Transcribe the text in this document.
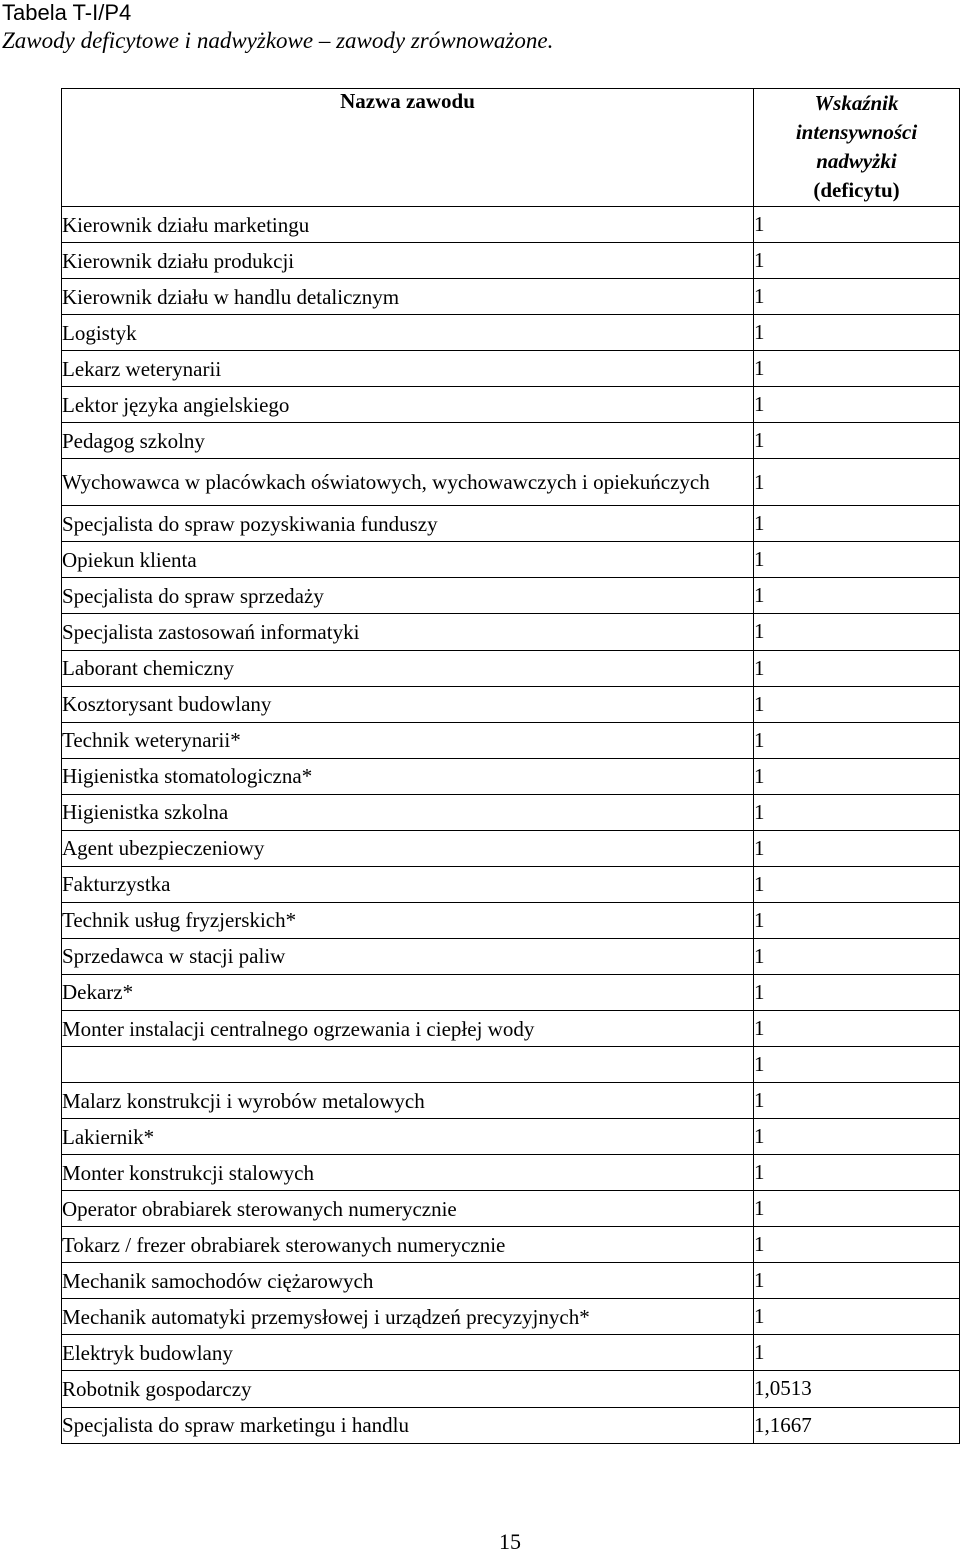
Tabela T-I/P4
Zawody deficytowe i nadwyżkowe – zawody zrównoważone.
Nazwa zawodu	Wskaźnik
intensywności
nadwyżki
(deficytu)

Kierownik działu marketingu	1
Kierownik działu produkcji	1
Kierownik działu w handlu detalicznym	1
Logistyk	1
Lekarz weterynarii	1
Lektor języka angielskiego	1
Pedagog szkolny	1
Wychowawca w placówkach oświatowych, wychowawczych i opiekuńczych	1
Specjalista do spraw pozyskiwania funduszy	1
Opiekun klienta	1
Specjalista do spraw sprzedaży	1
Specjalista zastosowań informatyki	1
Laborant chemiczny	1
Kosztorysant budowlany	1
Technik weterynarii*	1
Higienistka stomatologiczna*	1
Higienistka szkolna	1
Agent ubezpieczeniowy	1
Fakturzystka	1
Technik usług fryzjerskich*	1
Sprzedawca w stacji paliw	1
Dekarz*	1
Monter instalacji centralnego ogrzewania i ciepłej wody	1
	1
Malarz konstrukcji i wyrobów metalowych	1
Lakiernik*	1
Monter konstrukcji stalowych	1
Operator obrabiarek sterowanych numerycznie	1
Tokarz / frezer obrabiarek sterowanych numerycznie	1
Mechanik samochodów ciężarowych	1
Mechanik automatyki przemysłowej i urządzeń precyzyjnych*	1
Elektryk budowlany	1
Robotnik gospodarczy	1,0513
Specjalista do spraw marketingu i handlu	1,1667
15
